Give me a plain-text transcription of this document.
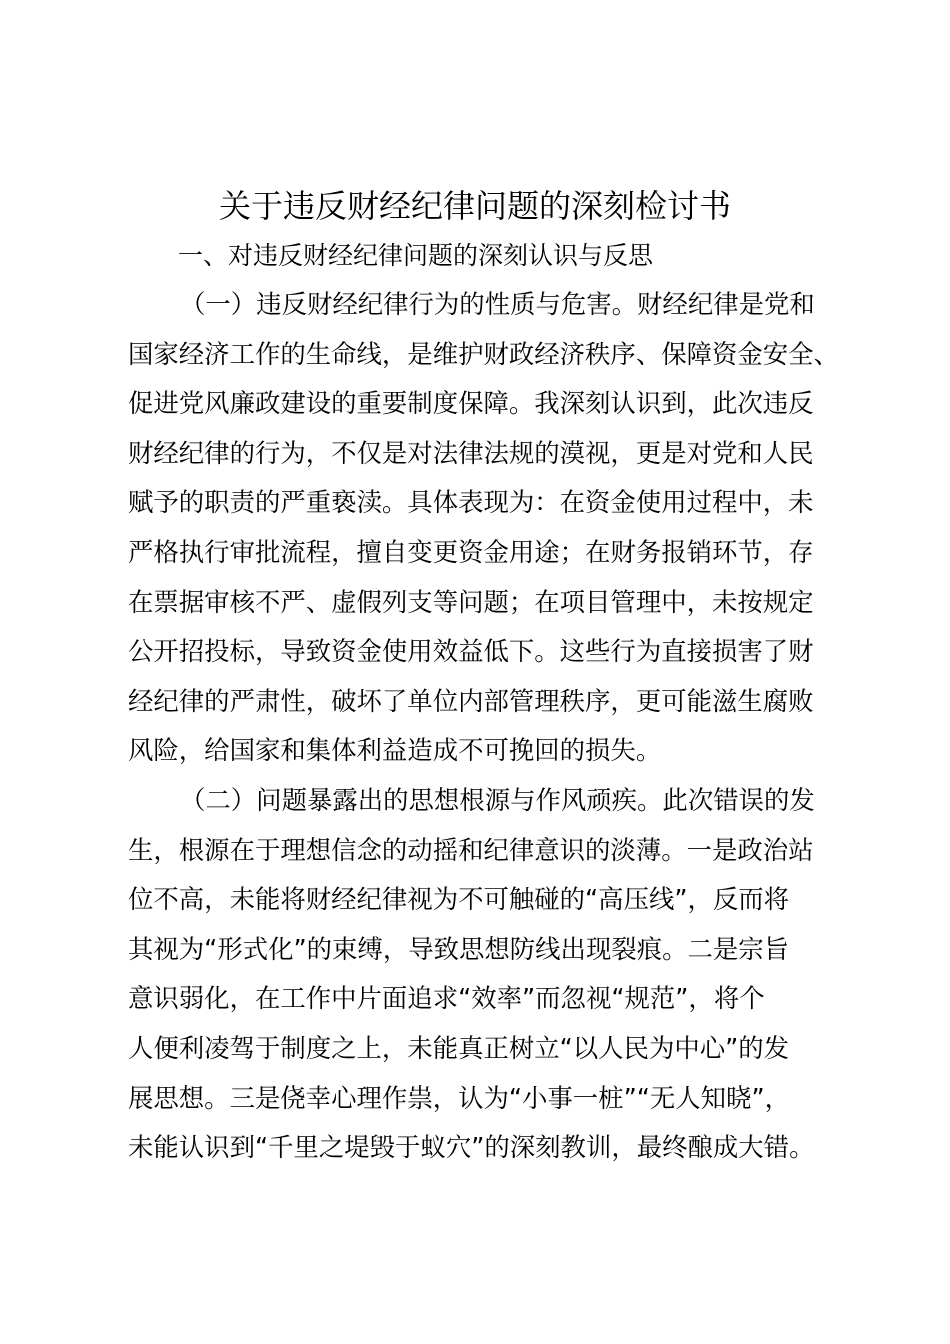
关于违反财经纪律问题的深刻检讨书
一、对违反财经纪律问题的深刻认识与反思
（一）违反财经纪律行为的性质与危害。财经纪律是党和
国家经济工作的生命线，是维护财政经济秩序、保障资金安全、
促进党风廉政建设的重要制度保障。我深刻认识到，此次违反
财经纪律的行为，不仅是对法律法规的漠视，更是对党和人民
赋予的职责的严重亵渎。具体表现为：在资金使用过程中，未
严格执行审批流程，擅自变更资金用途；在财务报销环节，存
在票据审核不严、虚假列支等问题；在项目管理中，未按规定
公开招投标，导致资金使用效益低下。这些行为直接损害了财
经纪律的严肃性，破坏了单位内部管理秩序，更可能滋生腐败
风险，给国家和集体利益造成不可挽回的损失。
（二）问题暴露出的思想根源与作风顽疾。此次错误的发
生，根源在于理想信念的动摇和纪律意识的淡薄。一是政治站
位不高，未能将财经纪律视为不可触碰的“高压线”，反而将
其视为“形式化”的束缚，导致思想防线出现裂痕。二是宗旨
意识弱化，在工作中片面追求“效率”而忽视“规范”，将个
人便利凌驾于制度之上，未能真正树立“以人民为中心”的发
展思想。三是侥幸心理作祟，认为“小事一桩”“无人知晓”，
未能认识到“千里之堤毁于蚁穴”的深刻教训，最终酿成大错。
